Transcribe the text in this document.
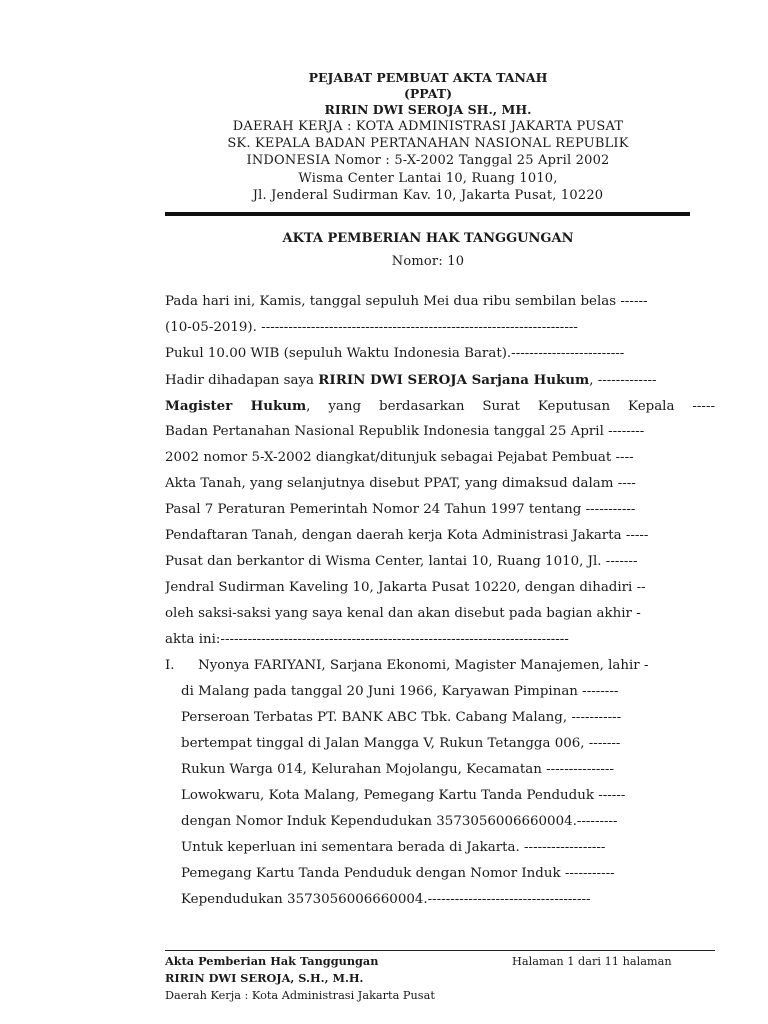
PEJABAT PEMBUAT AKTA TANAH
(PPAT)
RIRIN DWI SEROJA SH., MH.
DAERAH KERJA : KOTA ADMINISTRASI JAKARTA PUSAT
SK. KEPALA BADAN PERTANAHAN NASIONAL REPUBLIK
INDONESIA Nomor : 5-X-2002 Tanggal 25 April 2002
Wisma Center Lantai 10, Ruang 1010,
Jl. Jenderal Sudirman Kav. 10, Jakarta Pusat, 10220
AKTA PEMBERIAN HAK TANGGUNGAN
Nomor: 10
Pada hari ini, Kamis, tanggal sepuluh Mei dua ribu sembilan belas ------
(10-05-2019). ----------------------------------------------------------------------
Pukul 10.00 WIB (sepuluh Waktu Indonesia Barat).-------------------------
Hadir dihadapan saya RIRIN DWI SEROJA Sarjana Hukum, -------------
Magister Hukum, yang berdasarkan Surat Keputusan Kepala -----
Badan Pertanahan Nasional Republik Indonesia tanggal 25 April --------
2002 nomor 5-X-2002 diangkat/ditunjuk sebagai Pejabat Pembuat ----
Akta Tanah, yang selanjutnya disebut PPAT, yang dimaksud dalam ----
Pasal 7 Peraturan Pemerintah Nomor 24 Tahun 1997 tentang -----------
Pendaftaran Tanah, dengan daerah kerja Kota Administrasi Jakarta -----
Pusat dan berkantor di Wisma Center, lantai 10, Ruang 1010, Jl. -------
Jendral Sudirman Kaveling 10, Jakarta Pusat 10220, dengan dihadiri --
oleh saksi-saksi yang saya kenal dan akan disebut pada bagian akhir -
akta ini:-----------------------------------------------------------------------------
I. Nyonya FARIYANI, Sarjana Ekonomi, Magister Manajemen, lahir -
di Malang pada tanggal 20 Juni 1966, Karyawan Pimpinan --------
Perseroan Terbatas PT. BANK ABC Tbk. Cabang Malang, -----------
bertempat tinggal di Jalan Mangga V, Rukun Tetangga 006, -------
Rukun Warga 014, Kelurahan Mojolangu, Kecamatan ---------------
Lowokwaru, Kota Malang, Pemegang Kartu Tanda Penduduk ------
dengan Nomor Induk Kependudukan 3573056006660004.---------
Untuk keperluan ini sementara berada di Jakarta. ------------------
Pemegang Kartu Tanda Penduduk dengan Nomor Induk -----------
Kependudukan 3573056006660004.------------------------------------
Akta Pemberian Hak Tanggungan	Halaman 1 dari 11 halaman
RIRIN DWI SEROJA, S.H., M.H.
Daerah Kerja : Kota Administrasi Jakarta Pusat
